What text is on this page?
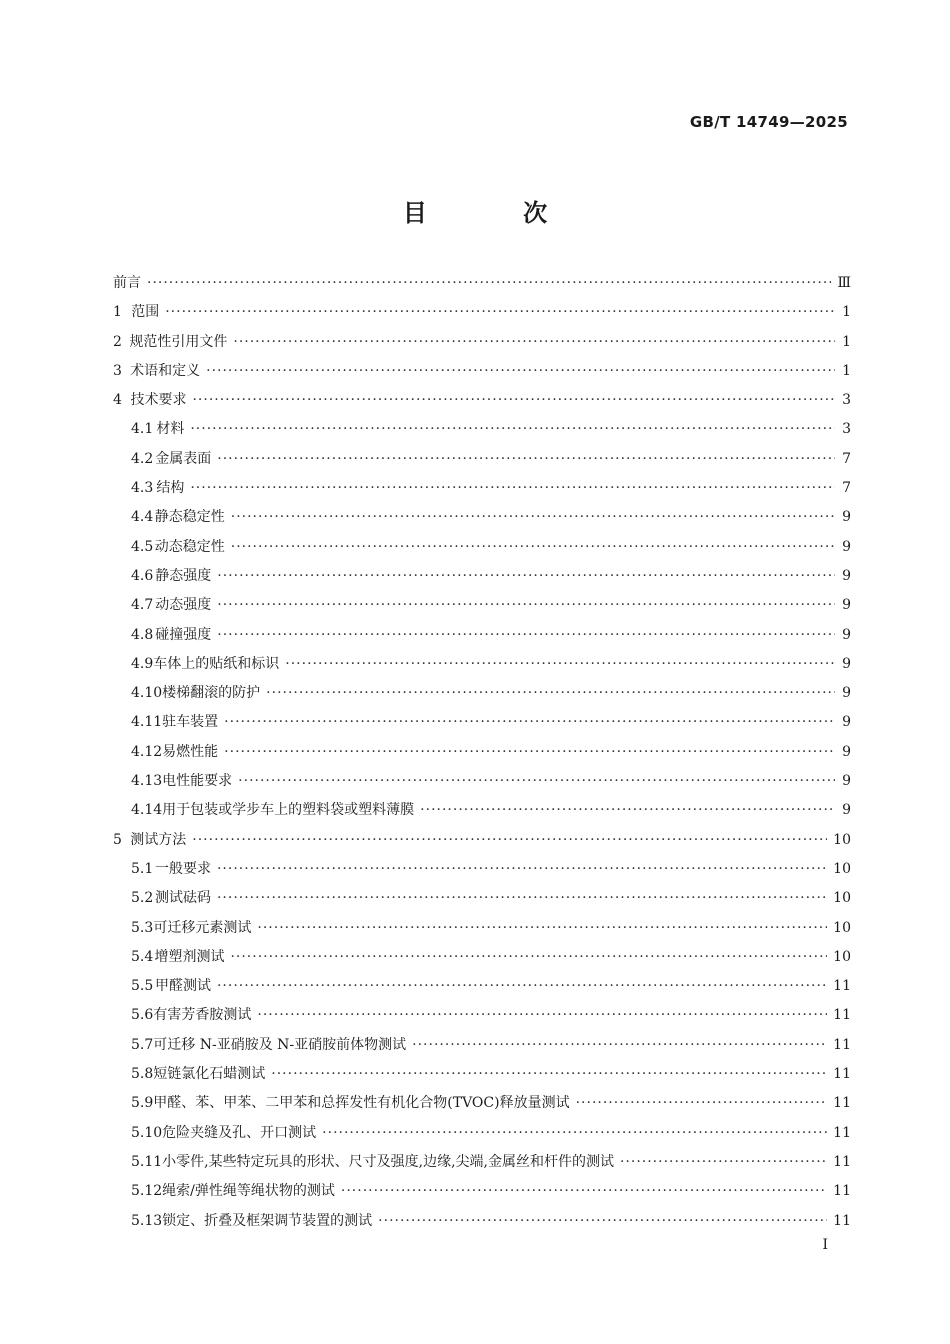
GB/T 14749—2025
目 次
前言 ·····	Ⅲ
1 范围 ·····	1
2 规范性引用文件 ·····	1
3 术语和定义 ·····	1
4 技术要求 ·····	3
4.1 材料 ·····	3
4.2 金属表面 ·····	7
4.3 结构 ·····	7
4.4 静态稳定性 ·····	9
4.5 动态稳定性 ·····	9
4.6 静态强度 ·····	9
4.7 动态强度 ·····	9
4.8 碰撞强度 ·····	9
4.9 车体上的贴纸和标识 ·····	9
4.10 楼梯翻滚的防护 ·····	9
4.11 驻车装置 ·····	9
4.12 易燃性能 ·····	9
4.13 电性能要求 ·····	9
4.14 用于包装或学步车上的塑料袋或塑料薄膜 ·····	9
5 测试方法 ·····	10
5.1 一般要求 ·····	10
5.2 测试砝码 ·····	10
5.3 可迁移元素测试 ·····	10
5.4 增塑剂测试 ·····	10
5.5 甲醛测试 ·····	11
5.6 有害芳香胺测试 ·····	11
5.7 可迁移 N-亚硝胺及 N-亚硝胺前体物测试 ·····	11
5.8 短链氯化石蜡测试 ·····	11
5.9 甲醛、苯、甲苯、二甲苯和总挥发性有机化合物(TVOC)释放量测试 ·····	11
5.10 危险夹缝及孔、开口测试 ·····	11
5.11 小零件,某些特定玩具的形状、尺寸及强度,边缘,尖端,金属丝和杆件的测试 ·····	11
5.12 绳索/弹性绳等绳状物的测试 ·····	11
5.13 锁定、折叠及框架调节装置的测试 ·····	11
I
